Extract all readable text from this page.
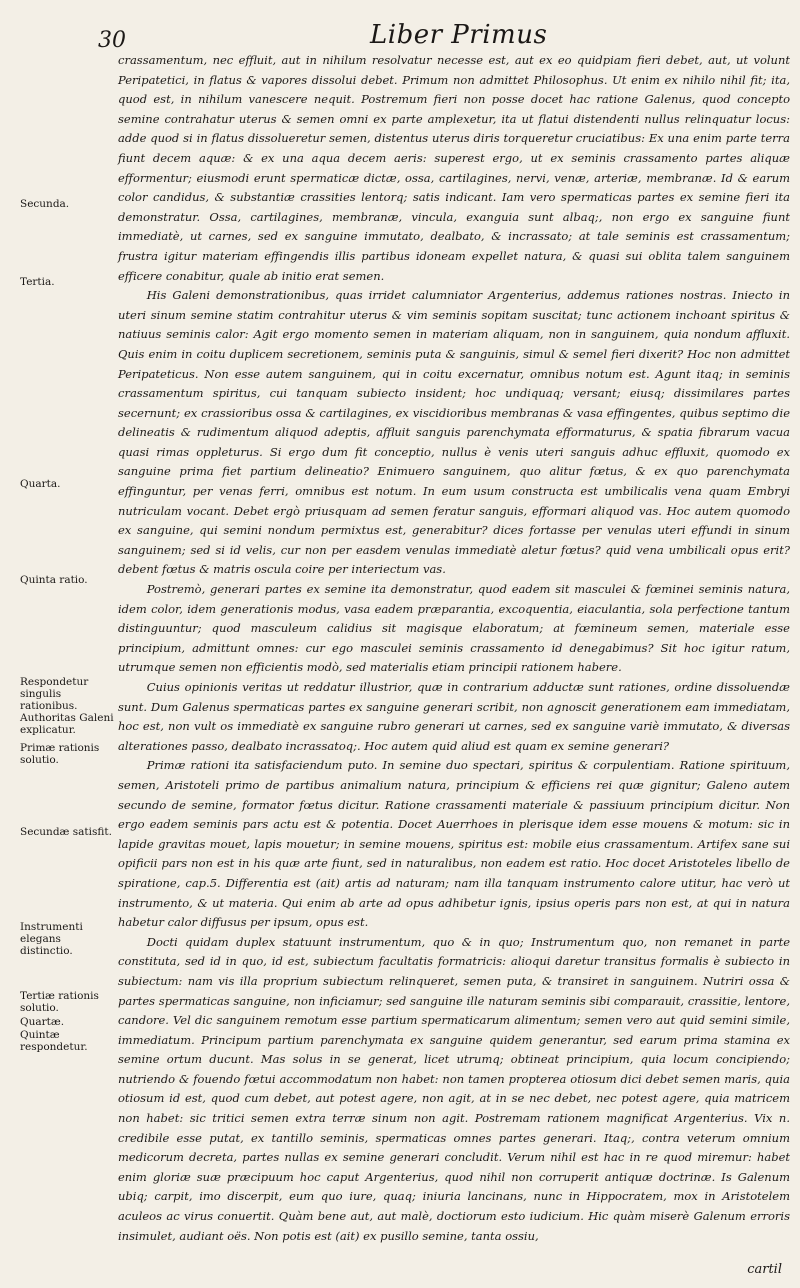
30	Liber Primus
Secunda.
Tertia.
Quarta.
Quinta ratio.
Respondetur singulis rationibus.
Authoritas Galeni explicatur.
Primæ rationis solutio.
Secundæ satisfit.
Instrumenti elegans distinctio.
Tertiæ rationis solutio.
Quartæ.
Quintæ respondetur.

crassamentum, nec effluit, aut in nihilum resolvatur necesse est, aut ex eo quidpiam fieri debet, aut, ut volunt Peripatetici, in flatus & vapores dissolui debet. Primum non admittet Philosophus. Ut enim ex nihilo nihil fit; ita, quod est, in nihilum vanescere nequit. Postremum fieri non posse docet hac ratione Galenus, quod concepto semine contrahatur uterus & semen omni ex parte amplexetur, ita ut flatui distendenti nullus relinquatur locus: adde quod si in flatus dissolueretur semen, distentus uterus diris torqueretur cruciatibus: Ex una enim parte terra fiunt decem aquæ: & ex una aqua decem aeris: superest ergo, ut ex seminis crassamento partes aliquæ efformentur; eiusmodi erunt spermaticæ dictæ, ossa, cartilagines, nervi, venæ, arteriæ, membranæ. Id & earum color candidus, & substantiæ crassities lentorq; satis indicant. Iam vero spermaticas partes ex semine fieri ita demonstratur. Ossa, cartilagines, membranæ, vincula, exanguia sunt albaq;, non ergo ex sanguine fiunt immediatè, ut carnes, sed ex sanguine immutato, dealbato, & incrassato; at tale seminis est crassamentum; frustra igitur materiam effingendis illis partibus idoneam expellet natura, & quasi sui oblita talem sanguinem efficere conabitur, quale ab initio erat semen.

His Galeni demonstrationibus, quas irridet calumniator Argenterius, addemus rationes nostras. Iniecto in uteri sinum semine statim contrahitur uterus & vim seminis sopitam suscitat; tunc actionem inchoant spiritus & natiuus seminis calor: Agit ergo momento semen in materiam aliquam, non in sanguinem, quia nondum affluxit. Quis enim in coitu duplicem secretionem, seminis puta & sanguinis, simul & semel fieri dixerit? Hoc non admittet Peripateticus. Non esse autem sanguinem, qui in coitu excernatur, omnibus notum est. Agunt itaq; in seminis crassamentum spiritus, cui tanquam subiecto insident; hoc undiquaq; versant; eiusq; dissimilares partes secernunt; ex crassioribus ossa & cartilagines, ex viscidioribus membranas & vasa effingentes, quibus septimo die delineatis & rudimentum aliquod adeptis, affluit sanguis parenchymata efformaturus, & spatia fibrarum vacua quasi rimas oppleturus. Si ergo dum fit conceptio, nullus è venis uteri sanguis adhuc effluxit, quomodo ex sanguine prima fiet partium delineatio? Enimuero sanguinem, quo alitur fœtus, & ex quo parenchymata effinguntur, per venas ferri, omnibus est notum. In eum usum constructa est umbilicalis vena quam Embryi nutriculam vocant. Debet ergò priusquam ad semen feratur sanguis, efformari aliquod vas. Hoc autem quomodo ex sanguine, qui semini nondum permixtus est, generabitur? dices fortasse per venulas uteri effundi in sinum sanguinem; sed si id velis, cur non per easdem venulas immediatè aletur fœtus? quid vena umbilicali opus erit? debent fœtus & matris oscula coire per interiectum vas.

Postremò, generari partes ex semine ita demonstratur, quod eadem sit masculei & fœminei seminis natura, idem color, idem generationis modus, vasa eadem præparantia, excoquentia, eiaculantia, sola perfectione tantum distinguuntur; quod masculeum calidius sit magisque elaboratum; at fœmineum semen, materiale esse principium, admittunt omnes: cur ego masculei seminis crassamento id denegabimus? Sit hoc igitur ratum, utrumque semen non efficientis modò, sed materialis etiam principii rationem habere.

Cuius opinionis veritas ut reddatur illustrior, quæ in contrarium adductæ sunt rationes, ordine dissoluendæ sunt. Dum Galenus spermaticas partes ex sanguine generari scribit, non agnoscit generationem eam immediatam, hoc est, non vult os immediatè ex sanguine rubro generari ut carnes, sed ex sanguine variè immutato, & diversas alterationes passo, dealbato incrassatoq;. Hoc autem quid aliud est quam ex semine generari?

Primæ rationi ita satisfaciendum puto. In semine duo spectari, spiritus & corpulentiam. Ratione spirituum, semen, Aristoteli primo de partibus animalium natura, principium & efficiens rei quæ gignitur; Galeno autem secundo de semine, formator fœtus dicitur. Ratione crassamenti materiale & passiuum principium dicitur. Non ergo eadem seminis pars actu est & potentia. Docet Auerrhoes in plerisque idem esse mouens & motum: sic in lapide gravitas mouet, lapis mouetur; in semine mouens, spiritus est: mobile eius crassamentum. Artifex sane sui opificii pars non est in his quæ arte fiunt, sed in naturalibus, non eadem est ratio. Hoc docet Aristoteles libello de spiratione, cap.5. Differentia est (ait) artis ad naturam; nam illa tanquam instrumento calore utitur, hac verò ut instrumento, & ut materia. Qui enim ab arte ad opus adhibetur ignis, ipsius operis pars non est, at qui in natura habetur calor diffusus per ipsum, opus est.

Docti quidam duplex statuunt instrumentum, quo & in quo; Instrumentum quo, non remanet in parte constituta, sed id in quo, id est, subiectum facultatis formatricis: alioqui daretur transitus formalis è subiecto in subiectum: nam vis illa proprium subiectum relinqueret, semen puta, & transiret in sanguinem. Nutriri ossa & partes spermaticas sanguine, non inficiamur; sed sanguine ille naturam seminis sibi comparauit, crassitie, lentore, candore. Vel dic sanguinem remotum esse partium spermaticarum alimentum; semen vero aut quid semini simile, immediatum. Principum partium parenchymata ex sanguine quidem generantur, sed earum prima stamina ex semine ortum ducunt. Mas solus in se generat, licet utrumq; obtineat principium, quia locum concipiendo; nutriendo & fouendo fœtui accommodatum non habet: non tamen propterea otiosum dici debet semen maris, quia otiosum id est, quod cum debet, aut potest agere, non agit, at in se nec debet, nec potest agere, quia matricem non habet: sic tritici semen extra terræ sinum non agit. Postremam rationem magnificat Argenterius. Vix n. credibile esse putat, ex tantillo seminis, spermaticas omnes partes generari. Itaq;, contra veterum omnium medicorum decreta, partes nullas ex semine generari concludit. Verum nihil est hac in re quod miremur: habet enim gloriæ suæ præcipuum hoc caput Argenterius, quod nihil non corruperit antiquæ doctrinæ. Is Galenum ubiq; carpit, imo discerpit, eum quo iure, quaq; iniuria lancinans, nunc in Hippocratem, mox in Aristotelem aculeos ac virus conuertit. Quàm bene aut, aut malè, doctiorum esto iudicium. Hic quàm miserè Galenum erroris insimulet, audiant oës. Non potis est (ait) ex pusillo semine, tanta ossiu,

cartil
